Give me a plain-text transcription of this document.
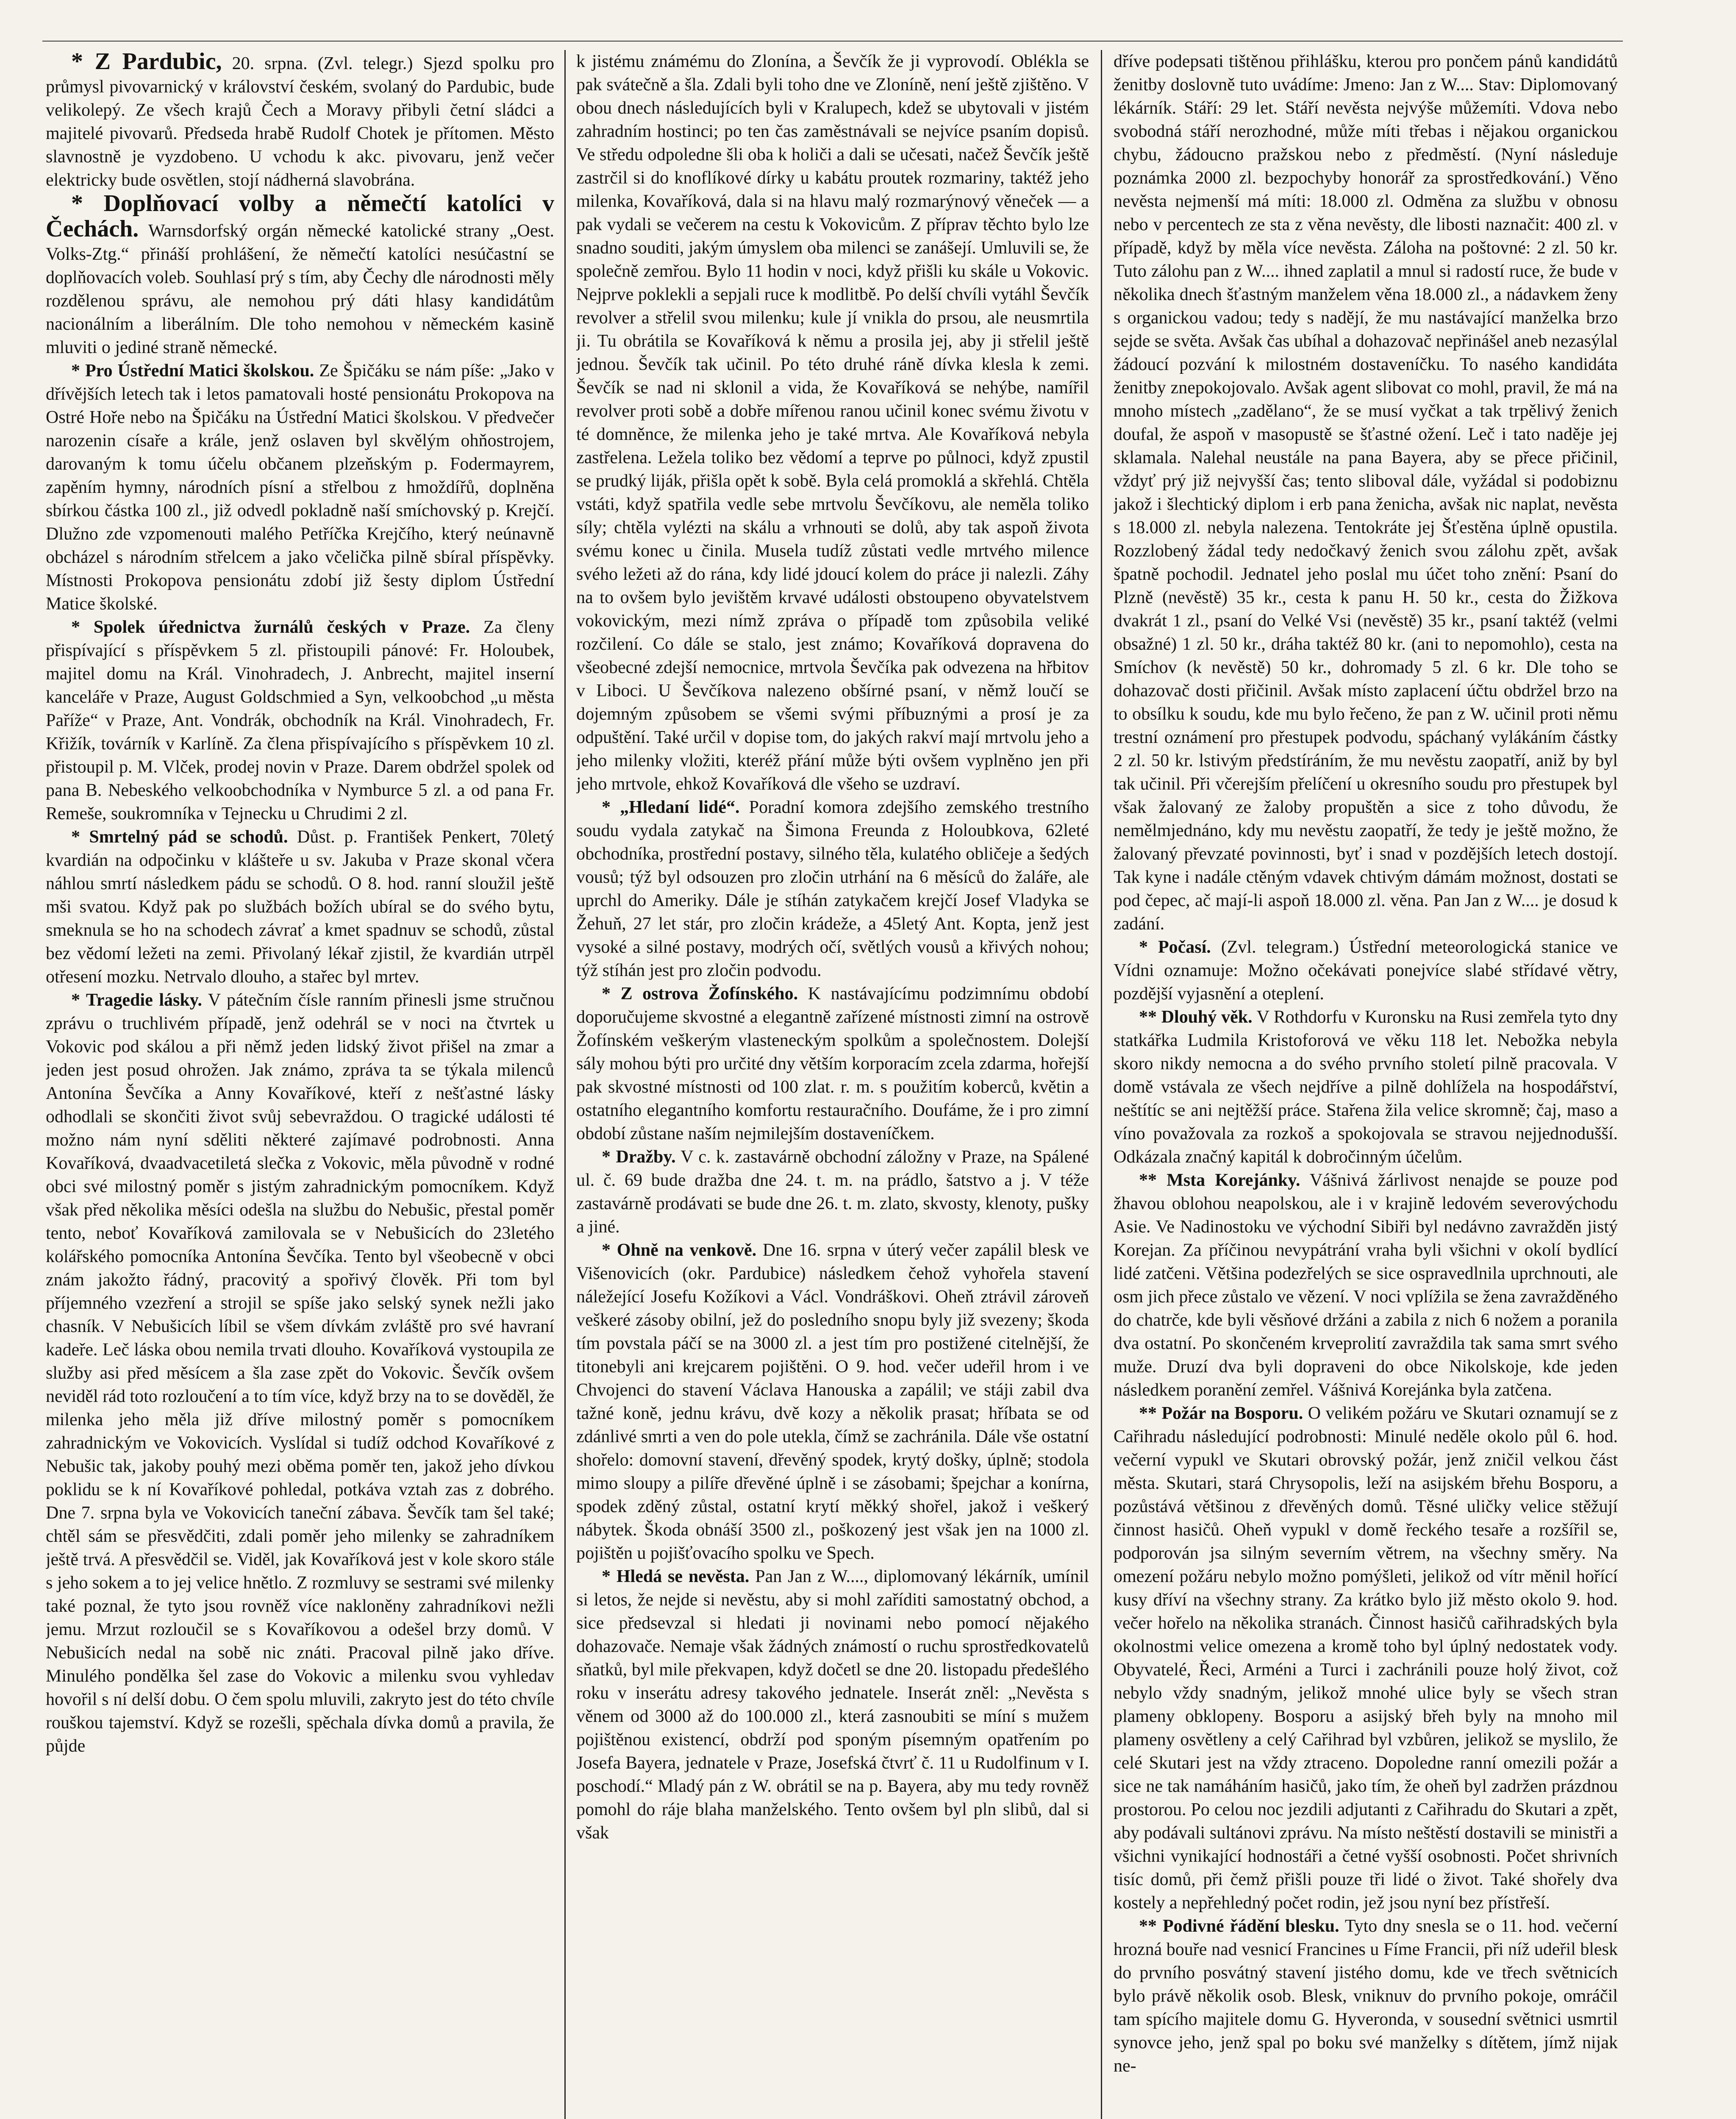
* Z Pardubic, 20. srpna. (Zvl. telegr.) Sjezd spolku pro průmysl pivovarnický v království českém, svolaný do Pardubic, bude velikolepý. Ze všech krajů Čech a Moravy přibyli četní sládci a majitelé pivovarů. Předseda hrabě Rudolf Chotek je přítomen. Město slavnostně je vyzdobeno. U vchodu k akc. pivovaru, jenž večer elektricky bude osvětlen, stojí nádherná slavobrána.

* Doplňovací volby a němečtí katolíci v Čechách. Warnsdorfský orgán německé katolické strany „Oest. Volks-Ztg.“ přináší prohlášení, že němečtí katolíci nesúčastní se doplňovacích voleb. Souhlasí prý s tím, aby Čechy dle národnosti měly rozdělenou správu, ale nemohou prý dáti hlasy kandidátům nacionálním a liberálním. Dle toho nemohou v německém kasině mluviti o jediné straně německé.

* Pro Ústřední Matici školskou. Ze Špičáku se nám píše: „Jako v dřívějších letech tak i letos pamatovali hosté pensionátu Prokopova na Ostré Hoře nebo na Špičáku na Ústřední Matici školskou. V předvečer narozenin císaře a krále, jenž oslaven byl skvělým ohňostrojem, darovaným k tomu účelu občanem plzeňským p. Fodermayrem, zapěním hymny, národních písní a střelbou z hmoždířů, doplněna sbírkou částka 100 zl., již odvedl pokladně naší smíchovský p. Krejčí. Dlužno zde vzpomenouti malého Petříčka Krejčího, který neúnavně obcházel s národním střelcem a jako včelička pilně sbíral příspěvky. Místnosti Prokopova pensionátu zdobí již šesty diplom Ústřední Matice školské.

* Spolek úřednictva žurnálů českých v Praze. Za členy přispívající s příspěvkem 5 zl. přistoupili pánové: Fr. Holoubek, majitel domu na Král. Vinohradech, J. Anbrecht, majitel inserní kanceláře v Praze, August Goldschmied a Syn, velkoobchod „u města Paříže“ v Praze, Ant. Vondrák, obchodník na Král. Vinohradech, Fr. Křižík, továrník v Karlíně. Za člena přispívajícího s příspěvkem 10 zl. přistoupil p. M. Vlček, prodej novin v Praze. Darem obdržel spolek od pana B. Nebeského velkoobchodníka v Nymburce 5 zl. a od pana Fr. Remeše, soukromníka v Tejnecku u Chrudimi 2 zl.

* Smrtelný pád se schodů. Důst. p. František Penkert, 70letý kvardián na odpočinku v klášteře u sv. Jakuba v Praze skonal včera náhlou smrtí následkem pádu se schodů. O 8. hod. ranní sloužil ještě mši svatou. Když pak po službách božích ubíral se do svého bytu, smeknula se ho na schodech závrať a kmet spadnuv se schodů, zůstal bez vědomí ležeti na zemi. Přivolaný lékař zjistil, že kvardián utrpěl otřesení mozku. Netrvalo dlouho, a stařec byl mrtev.

* Tragedie lásky. V pátečním čísle ranním přinesli jsme stručnou zprávu o truchlivém případě, jenž odehrál se v noci na čtvrtek u Vokovic pod skálou a při němž jeden lidský život přišel na zmar a jeden jest posud ohrožen. Jak známo, zpráva ta se týkala milenců Antonína Ševčíka a Anny Kovaříkové, kteří z nešťastné lásky odhodlali se skončiti život svůj sebevraždou. O tragické události té možno nám nyní sděliti některé zajímavé podrobnosti. Anna Kovaříková, dvaadvacetiletá slečka z Vokovic, měla původně v rodné obci své milostný poměr s jistým zahradnickým pomocníkem. Když však před několika měsíci odešla na službu do Nebušic, přestal poměr tento, neboť Kovaříková zamilovala se v Nebušicích do 23letého kolářského pomocníka Antonína Ševčíka. Tento byl všeobecně v obci znám jakožto řádný, pracovitý a spořivý člověk. Při tom byl příjemného vzezření a strojil se spíše jako selský synek nežli jako chasník. V Nebušicích líbil se všem dívkám zvláště pro své havraní kadeře. Leč láska obou nemila trvati dlouho. Kovaříková vystoupila ze služby asi před měsícem a šla zase zpět do Vokovic. Ševčík ovšem neviděl rád toto rozloučení a to tím více, když brzy na to se dověděl, že milenka jeho měla již dříve milostný poměr s pomocníkem zahradnickým ve Vokovicích. Vyslídal si tudíž odchod Kovaříkové z Nebušic tak, jakoby pouhý mezi oběma poměr ten, jakož jeho dívkou poklidu se k ní Kovaříkové pohledal, potkáva vztah zas z dobrého. Dne 7. srpna byla ve Vokovicích taneční zábava. Ševčík tam šel také; chtěl sám se přesvědčiti, zdali poměr jeho milenky se zahradníkem ještě trvá. A přesvědčil se. Viděl, jak Kovaříková jest v kole skoro stále s jeho sokem a to jej velice hnětlo. Z rozmluvy se sestrami své milenky také poznal, že tyto jsou rovněž více nakloněny zahradníkovi nežli jemu. Mrzut rozloučil se s Kovaříkovou a odešel brzy domů. V Nebušicích nedal na sobě nic znáti. Pracoval pilně jako dříve. Minulého pondělka šel zase do Vokovic a milenku svou vyhledav hovořil s ní delší dobu. O čem spolu mluvili, zakryto jest do této chvíle rouškou tajemství. Když se rozešli, spěchala dívka domů a pravila, že půjde

k jistému známému do Zlonína, a Ševčík že ji vyprovodí. Oblékla se pak svátečně a šla. Zdali byli toho dne ve Zloníně, není ještě zjištěno. V obou dnech následujících byli v Kralupech, kdež se ubytovali v jistém zahradním hostinci; po ten čas zaměstnávali se nejvíce psaním dopisů. Ve středu odpoledne šli oba k holiči a dali se učesati, načež Ševčík ještě zastrčil si do knoflíkové dírky u kabátu proutek rozmariny, taktéž jeho milenka, Kovaříková, dala si na hlavu malý rozmarýnový věneček — a pak vydali se večerem na cestu k Vokovicům. Z příprav těchto bylo lze snadno souditi, jakým úmyslem oba milenci se zanášejí. Umluvili se, že společně zemřou. Bylo 11 hodin v noci, když přišli ku skále u Vokovic. Nejprve poklekli a sepjali ruce k modlitbě. Po delší chvíli vytáhl Ševčík revolver a střelil svou milenku; kule jí vnikla do prsou, ale neusmrtila ji. Tu obrátila se Kovaříková k němu a prosila jej, aby ji střelil ještě jednou. Ševčík tak učinil. Po této druhé ráně dívka klesla k zemi. Ševčík se nad ni sklonil a vida, že Kovaříková se nehýbe, namířil revolver proti sobě a dobře mířenou ranou učinil konec svému životu v té domněnce, že milenka jeho je také mrtva. Ale Kovaříková nebyla zastřelena. Ležela toliko bez vědomí a teprve po půlnoci, když zpustil se prudký liják, přišla opět k sobě. Byla celá promoklá a skřehlá. Chtěla vstáti, když spatřila vedle sebe mrtvolu Ševčíkovu, ale neměla toliko síly; chtěla vylézti na skálu a vrhnouti se dolů, aby tak aspoň života svému konec u činila. Musela tudíž zůstati vedle mrtvého milence svého ležeti až do rána, kdy lidé jdoucí kolem do práce ji nalezli. Záhy na to ovšem bylo jevištěm krvavé události obstoupeno obyvatelstvem vokovickým, mezi nímž zpráva o případě tom způsobila veliké rozčilení. Co dále se stalo, jest známo; Kovaříková dopravena do všeobecné zdejší nemocnice, mrtvola Ševčíka pak odvezena na hřbitov v Liboci. U Ševčíkova nalezeno obšírné psaní, v němž loučí se dojemným způsobem se všemi svými příbuznými a prosí je za odpuštění. Také určil v dopise tom, do jakých rakví mají mrtvolu jeho a jeho milenky vložiti, kteréž přání může býti ovšem vyplněno jen při jeho mrtvole, ehkož Kovaříková dle všeho se uzdraví.

* „Hledaní lidé“. Poradní komora zdejšího zemského trestního soudu vydala zatykač na Šimona Freunda z Holoubkova, 62leté obchodníka, prostřední postavy, silného těla, kulatého obličeje a šedých vousů; týž byl odsouzen pro zločin utrhání na 6 měsíců do žaláře, ale uprchl do Ameriky. Dále je stíhán zatykačem krejčí Josef Vladyka se Žehuň, 27 let stár, pro zločin krádeže, a 45letý Ant. Kopta, jenž jest vysoké a silné postavy, modrých očí, světlých vousů a křivých nohou; týž stíhán jest pro zločin podvodu.

* Z ostrova Žofínského. K nastávajícímu podzimnímu období doporučujeme skvostné a elegantně zařízené místnosti zimní na ostrově Žofínském veškerým vlasteneckým spolkům a společnostem. Dolejší sály mohou býti pro určité dny větším korporacím zcela zdarma, hořejší pak skvostné místnosti od 100 zlat. r. m. s použitím koberců, květin a ostatního elegantního komfortu restauračního. Doufáme, že i pro zimní období zůstane naším nejmilejším dostaveníčkem.

* Dražby. V c. k. zastavárně obchodní záložny v Praze, na Spálené ul. č. 69 bude dražba dne 24. t. m. na prádlo, šatstvo a j. V téže zastavárně prodávati se bude dne 26. t. m. zlato, skvosty, klenoty, pušky a jiné.

* Ohně na venkově. Dne 16. srpna v úterý večer zapálil blesk ve Višenovicích (okr. Pardubice) následkem čehož vyhořela stavení náležející Josefu Kožíkovi a Václ. Vondráškovi. Oheň ztrávil zároveň veškeré zásoby obilní, jež do posledního snopu byly již svezeny; škoda tím povstala páčí se na 3000 zl. a jest tím pro postižené citelnější, že titonebyli ani krejcarem pojištěni. O 9. hod. večer udeřil hrom i ve Chvojenci do stavení Václava Hanouska a zapálil; ve stáji zabil dva tažné koně, jednu krávu, dvě kozy a několik prasat; hříbata se od zdánlivé smrti a ven do pole utekla, čímž se zachránila. Dále vše ostatní shořelo: domovní stavení, dřevěný spodek, krytý došky, úplně; stodola mimo sloupy a pilíře dřevěné úplně i se zásobami; špejchar a konírna, spodek zděný zůstal, ostatní krytí měkký shořel, jakož i veškerý nábytek. Škoda obnáší 3500 zl., poškozený jest však jen na 1000 zl. pojištěn u pojišťovacího spolku ve Spech.

* Hledá se nevěsta. Pan Jan z W...., diplomovaný lékárník, umínil si letos, že nejde si nevěstu, aby si mohl zaříditi samostatný obchod, a sice předsevzal si hledati ji novinami nebo pomocí nějakého dohazovače. Nemaje však žádných známostí o ruchu sprostředkovatelů sňatků, byl mile překvapen, když dočetl se dne 20. listopadu předešlého roku v inserátu adresy takového jednatele. Inserát zněl: „Nevěsta s věnem od 3000 až do 100.000 zl., která zasnoubiti se míní s mužem pojištěnou existencí, obdrží pod sponým písemným opatřením po Josefa Bayera, jednatele v Praze, Josefská čtvrť č. 11 u Rudolfinum v I. poschodí.“ Mladý pán z W. obrátil se na p. Bayera, aby mu tedy rovněž pomohl do ráje blaha manželského. Tento ovšem byl pln slibů, dal si však

dříve podepsati tištěnou přihlášku, kterou pro pončem pánů kandidátů ženitby doslovně tuto uvádíme: Jmeno: Jan z W.... Stav: Diplomovaný lékárník. Stáří: 29 let. Stáří nevěsta nejvýše můžemíti. Vdova nebo svobodná stáří nerozhodné, může míti třebas i nějakou organickou chybu, žádoucno pražskou nebo z předměstí. (Nyní následuje poznámka 2000 zl. bezpochyby honorář za sprostředkování.) Věno nevěsta nejmenší má míti: 18.000 zl. Odměna za službu v obnosu nebo v percentech ze sta z věna nevěsty, dle libosti naznačit: 400 zl. v případě, když by měla více nevěsta. Záloha na poštovné: 2 zl. 50 kr. Tuto zálohu pan z W.... ihned zaplatil a mnul si radostí ruce, že bude v několika dnech šťastným manželem věna 18.000 zl., a nádavkem ženy s organickou vadou; tedy s nadějí, že mu nastávající manželka brzo sejde se světa. Avšak čas ubíhal a dohazovač nepřinášel aneb nezasýlal žádoucí pozvání k milostném dostaveníčku. To nasého kandidáta ženitby znepokojovalo. Avšak agent slibovat co mohl, pravil, že má na mnoho místech „zadělano“, že se musí vyčkat a tak trpělivý ženich doufal, že aspoň v masopustě se šťastné ožení. Leč i tato naděje jej sklamala. Nalehal neustále na pana Bayera, aby se přece přičinil, vždyť prý již nejvyšší čas; tento sliboval dále, vyžádal si podobiznu jakož i šlechtický diplom i erb pana ženicha, avšak nic naplat, nevěsta s 18.000 zl. nebyla nalezena. Tentokráte jej Šťestěna úplně opustila. Rozzlobený žádal tedy nedočkavý ženich svou zálohu zpět, avšak špatně pochodil. Jednatel jeho poslal mu účet toho znění: Psaní do Plzně (nevěstě) 35 kr., cesta k panu H. 50 kr., cesta do Žižkova dvakrát 1 zl., psaní do Velké Vsi (nevěstě) 35 kr., psaní taktéž (velmi obsažné) 1 zl. 50 kr., dráha taktéž 80 kr. (ani to nepomohlo), cesta na Smíchov (k nevěstě) 50 kr., dohromady 5 zl. 6 kr. Dle toho se dohazovač dosti přičinil. Avšak místo zaplacení účtu obdržel brzo na to obsílku k soudu, kde mu bylo řečeno, že pan z W. učinil proti němu trestní oznámení pro přestupek podvodu, spáchaný vylákáním částky 2 zl. 50 kr. lstivým předstíráním, že mu nevěstu zaopatří, aniž by byl tak učinil. Při včerejším přelíčení u okresního soudu pro přestupek byl však žalovaný ze žaloby propuštěn a sice z toho důvodu, že nemělmjednáno, kdy mu nevěstu zaopatří, že tedy je ještě možno, že žalovaný převzaté povinnosti, byť i snad v pozdějších letech dostojí. Tak kyne i nadále ctěným vdavek chtivým dámám možnost, dostati se pod čepec, ač mají-li aspoň 18.000 zl. věna. Pan Jan z W.... je dosud k zadání.

* Počasí. (Zvl. telegram.) Ústřední meteorologická stanice ve Vídni oznamuje: Možno očekávati ponejvíce slabé střídavé větry, pozdější vyjasnění a oteplení.

** Dlouhý věk. V Rothdorfu v Kuronsku na Rusi zemřela tyto dny statkářka Ludmila Kristoforová ve věku 118 let. Nebožka nebyla skoro nikdy nemocna a do svého prvního století pilně pracovala. V domě vstávala ze všech nejdříve a pilně dohlížela na hospodářství, neštítíc se ani nejtěžší práce. Stařena žila velice skromně; čaj, maso a víno považovala za rozkoš a spokojovala se stravou nejjednodušší. Odkázala značný kapitál k dobročinným účelům.

** Msta Korejánky. Vášnivá žárlivost nenajde se pouze pod žhavou oblohou neapolskou, ale i v krajině ledovém severovýchodu Asie. Ve Nadinostoku ve východní Sibiři byl nedávno zavražděn jistý Korejan. Za příčinou nevypátrání vraha byli všichni v okolí bydlící lidé zatčeni. Většina podezřelých se sice ospravedlnila uprchnouti, ale osm jich přece zůstalo ve vězení. V noci vplížila se žena zavražděného do chatrče, kde byli věsňové držáni a zabila z nich 6 nožem a poranila dva ostatní. Po skončeném krveprolití zavraždila tak sama smrt svého muže. Druzí dva byli dopraveni do obce Nikolskoje, kde jeden následkem poranění zemřel. Vášnivá Korejánka byla zatčena.

** Požár na Bosporu. O velikém požáru ve Skutari oznamují se z Cařihradu následující podrobnosti: Minulé neděle okolo půl 6. hod. večerní vypukl ve Skutari obrovský požár, jenž zničil velkou část města. Skutari, stará Chrysopolis, leží na asijském břehu Bosporu, a pozůstává většinou z dřevěných domů. Těsné uličky velice stěžují činnost hasičů. Oheň vypukl v domě řeckého tesaře a rozšířil se, podporován jsa silným severním větrem, na všechny směry. Na omezení požáru nebylo možno pomýšleti, jelikož od vítr měnil hořící kusy dříví na všechny strany. Za krátko bylo již město okolo 9. hod. večer hořelo na několika stranách. Činnost hasičů cařihradských byla okolnostmi velice omezena a kromě toho byl úplný nedostatek vody. Obyvatelé, Řeci, Arméni a Turci i zachránili pouze holý život, což nebylo vždy snadným, jelikož mnohé ulice byly se všech stran plameny obklopeny. Bosporu a asijský břeh byly na mnoho mil plameny osvětleny a celý Cařihrad byl vzbůren, jelikož se myslilo, že celé Skutari jest na vždy ztraceno. Dopoledne ranní omezili požár a sice ne tak namáháním hasičů, jako tím, že oheň byl zadržen prázdnou prostorou. Po celou noc jezdili adjutanti z Cařihradu do Skutari a zpět, aby podávali sultánovi zprávu. Na místo neštěstí dostavili se ministři a všichni vynikající hodnostáři a četné vyšší osobnosti. Počet shrivních tisíc domů, při čemž přišli pouze tři lidé o život. Také shořely dva kostely a nepřehledný počet rodin, jež jsou nyní bez přístřeší.

** Podivné řádění blesku. Tyto dny snesla se o 11. hod. večerní hrozná bouře nad vesnicí Francines u Fíme Francii, při níž udeřil blesk do prvního posvátný stavení jistého domu, kde ve třech světnicích bylo právě několik osob. Blesk, vniknuv do prvního pokoje, omráčil tam spícího majitele domu G. Hyveronda, v sousední světnici usmrtil synovce jeho, jenž spal po boku své manželky s dítětem, jímž nijak ne-
